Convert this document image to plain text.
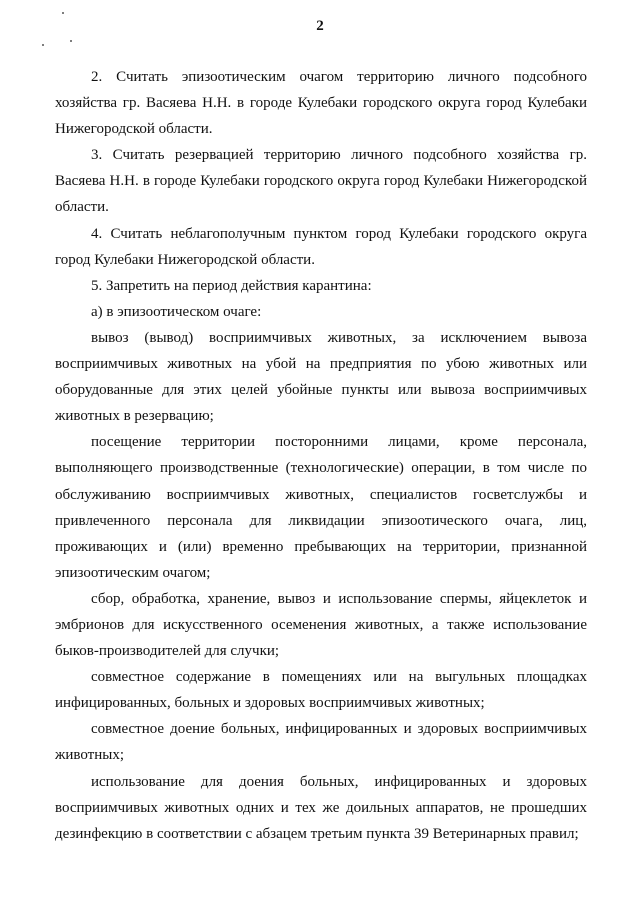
2

2. Считать эпизоотическим очагом территорию личного подсобного хозяйства гр. Васяева Н.Н. в городе Кулебаки городского округа город Кулебаки Нижегородской области.

3. Считать резервацией территорию личного подсобного хозяйства гр. Васяева Н.Н. в городе Кулебаки городского округа город Кулебаки Нижегородской области.

4. Считать неблагополучным пунктом город Кулебаки городского округа город Кулебаки Нижегородской области.

5. Запретить на период действия карантина:

а) в эпизоотическом очаге:

вывоз (вывод) восприимчивых животных, за исключением вывоза восприимчивых животных на убой на предприятия по убою животных или оборудованные для этих целей убойные пункты или вывоза восприимчивых животных в резервацию;

посещение территории посторонними лицами, кроме персонала, выполняющего производственные (технологические) операции, в том числе по обслуживанию восприимчивых животных, специалистов госветслужбы и привлеченного персонала для ликвидации эпизоотического очага, лиц, проживающих и (или) временно пребывающих на территории, признанной эпизоотическим очагом;

сбор, обработка, хранение, вывоз и использование спермы, яйцеклеток и эмбрионов для искусственного осеменения животных, а также использование быков-производителей для случки;

совместное содержание в помещениях или на выгульных площадках инфицированных, больных и здоровых восприимчивых животных;

совместное доение больных, инфицированных и здоровых восприимчивых животных;

использование для доения больных, инфицированных и здоровых восприимчивых животных одних и тех же доильных аппаратов, не прошедших дезинфекцию в соответствии с абзацем третьим пункта 39 Ветеринарных правил;
